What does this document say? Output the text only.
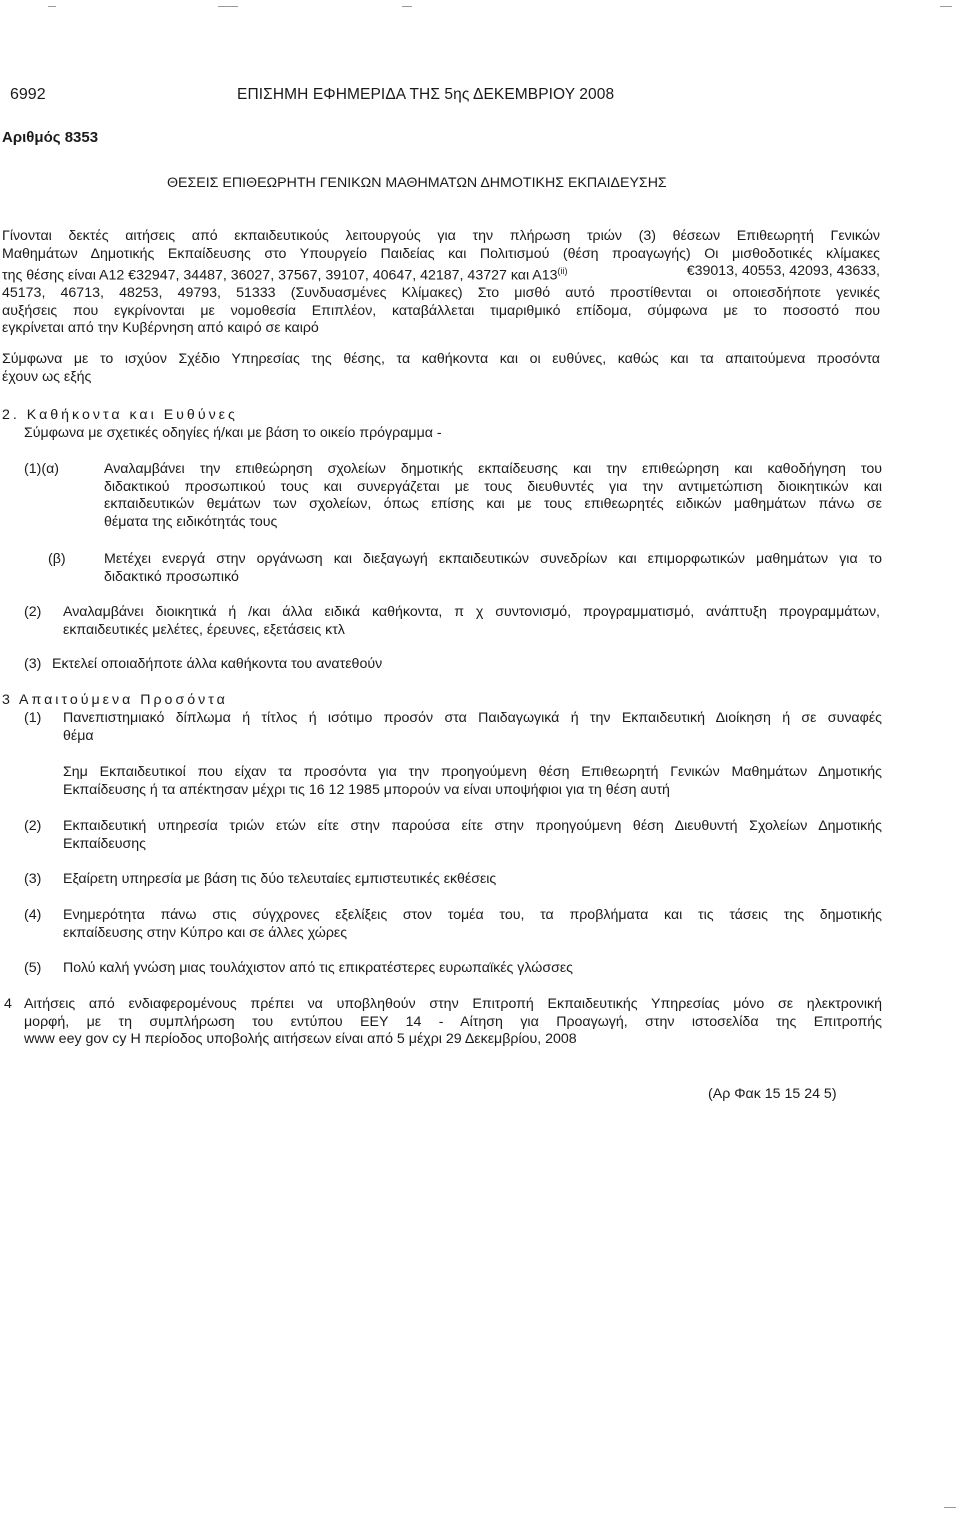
6992	ΕΠΙΣΗΜΗ ΕΦΗΜΕΡΙΔΑ ΤΗΣ 5ης ΔΕΚΕΜΒΡΙΟΥ 2008
Αριθμός 8353
ΘΕΣΕΙΣ ΕΠΙΘΕΩΡΗΤΗ ΓΕΝΙΚΩΝ ΜΑΘΗΜΑΤΩΝ ΔΗΜΟΤΙΚΗΣ ΕΚΠΑΙΔΕΥΣΗΣ
Γίνονται δεκτές αιτήσεις από εκπαιδευτικούς λειτουργούς για την πλήρωση τριών (3) θέσεων Επιθεωρητή Γενικών
Μαθημάτων Δημοτικής Εκπαίδευσης στο Υπουργείο Παιδείας και Πολιτισμού (θέση προαγωγής) Οι μισθοδοτικές κλίμακες
της θέσης είναι Α12 €32947, 34487, 36027, 37567, 39107, 40647, 42187, 43727 και Α13$^{(ii)}$	€39013, 40553, 42093, 43633,
45173, 46713, 48253, 49793, 51333 (Συνδυασμένες Κλίμακες) Στο μισθό αυτό προστίθενται οι οποιεσδήποτε γενικές
αυξήσεις που εγκρίνονται με νομοθεσία Επιπλέον, καταβάλλεται τιμαριθμικό επίδομα, σύμφωνα με το ποσοστό που
εγκρίνεται από την Κυβέρνηση από καιρό σε καιρό
Σύμφωνα με το ισχύον Σχέδιο Υπηρεσίας της θέσης, τα καθήκοντα και οι ευθύνες, καθώς και τα απαιτούμενα προσόντα
έχουν ως εξής
2. Καθήκοντα και Ευθύνες
Σύμφωνα με σχετικές οδηγίες ή/και με βάση το οικείο πρόγραμμα -
(1)(α)	Αναλαμβάνει την επιθεώρηση σχολείων δημοτικής εκπαίδευσης και την επιθεώρηση και καθοδήγηση του
διδακτικού προσωπικού τους και συνεργάζεται με τους διευθυντές για την αντιμετώπιση διοικητικών και
εκπαιδευτικών θεμάτων των σχολείων, όπως επίσης και με τους επιθεωρητές ειδικών μαθημάτων πάνω σε
θέματα της ειδικότητάς τους
(β)	Μετέχει ενεργά στην οργάνωση και διεξαγωγή εκπαιδευτικών συνεδρίων και επιμορφωτικών μαθημάτων για το
διδακτικό προσωπικό
(2) Αναλαμβάνει διοικητικά ή /και άλλα ειδικά καθήκοντα, π χ συντονισμό, προγραμματισμό, ανάπτυξη προγραμμάτων,
εκπαιδευτικές μελέτες, έρευνες, εξετάσεις κτλ
(3) Εκτελεί οποιαδήποτε άλλα καθήκοντα του ανατεθούν
3 Απαιτούμενα Προσόντα
(1) Πανεπιστημιακό δίπλωμα ή τίτλος ή ισότιμο προσόν στα Παιδαγωγικά ή την Εκπαιδευτική Διοίκηση ή σε συναφές
θέμα
Σημ Εκπαιδευτικοί που είχαν τα προσόντα για την προηγούμενη θέση Επιθεωρητή Γενικών Μαθημάτων Δημοτικής
Εκπαίδευσης ή τα απέκτησαν μέχρι τις 16 12 1985 μπορούν να είναι υποψήφιοι για τη θέση αυτή
(2) Εκπαιδευτική υπηρεσία τριών ετών είτε στην παρούσα είτε στην προηγούμενη θέση Διευθυντή Σχολείων Δημοτικής
Εκπαίδευσης
(3) Εξαίρετη υπηρεσία με βάση τις δύο τελευταίες εμπιστευτικές εκθέσεις
(4) Ενημερότητα πάνω στις σύγχρονες εξελίξεις στον τομέα του, τα προβλήματα και τις τάσεις της δημοτικής
εκπαίδευσης στην Κύπρο και σε άλλες χώρες
(5) Πολύ καλή γνώση μιας τουλάχιστον από τις επικρατέστερες ευρωπαϊκές γλώσσες
4 Αιτήσεις από ενδιαφερομένους πρέπει να υποβληθούν στην Επιτροπή Εκπαιδευτικής Υπηρεσίας μόνο σε ηλεκτρονική
μορφή, με τη συμπλήρωση του εντύπου ΕΕΥ 14 - Αίτηση για Προαγωγή, στην ιστοσελίδα της Επιτροπής
www eey gov cy Η περίοδος υποβολής αιτήσεων είναι από 5 μέχρι 29 Δεκεμβρίου, 2008
(Αρ Φακ 15 15 24 5)
